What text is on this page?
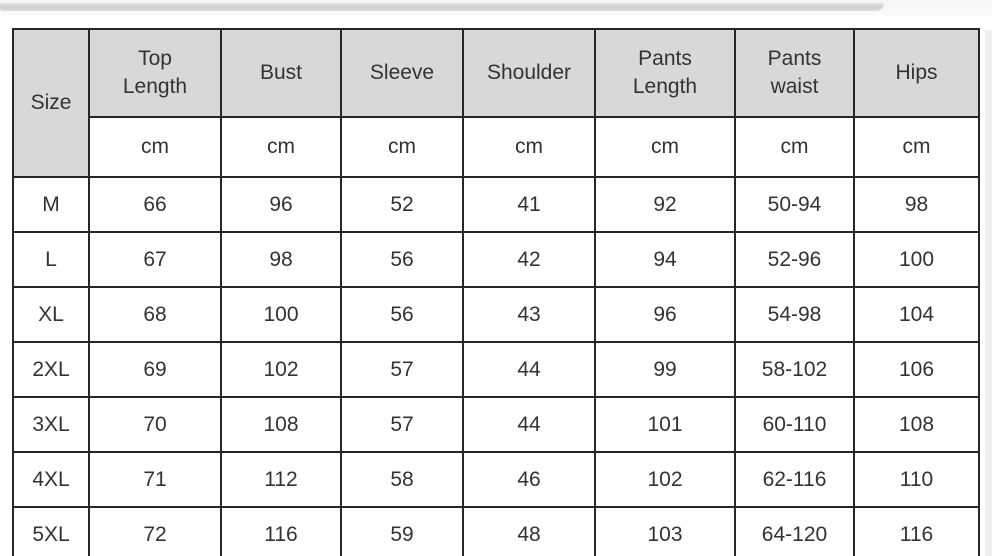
Size	Top Length	Bust	Sleeve	Shoulder	Pants Length	Pants waist	Hips
	cm	cm	cm	cm	cm	cm	cm
M	66	96	52	41	92	50-94	98
L	67	98	56	42	94	52-96	100
XL	68	100	56	43	96	54-98	104
2XL	69	102	57	44	99	58-102	106
3XL	70	108	57	44	101	60-110	108
4XL	71	112	58	46	102	62-116	110
5XL	72	116	59	48	103	64-120	116
